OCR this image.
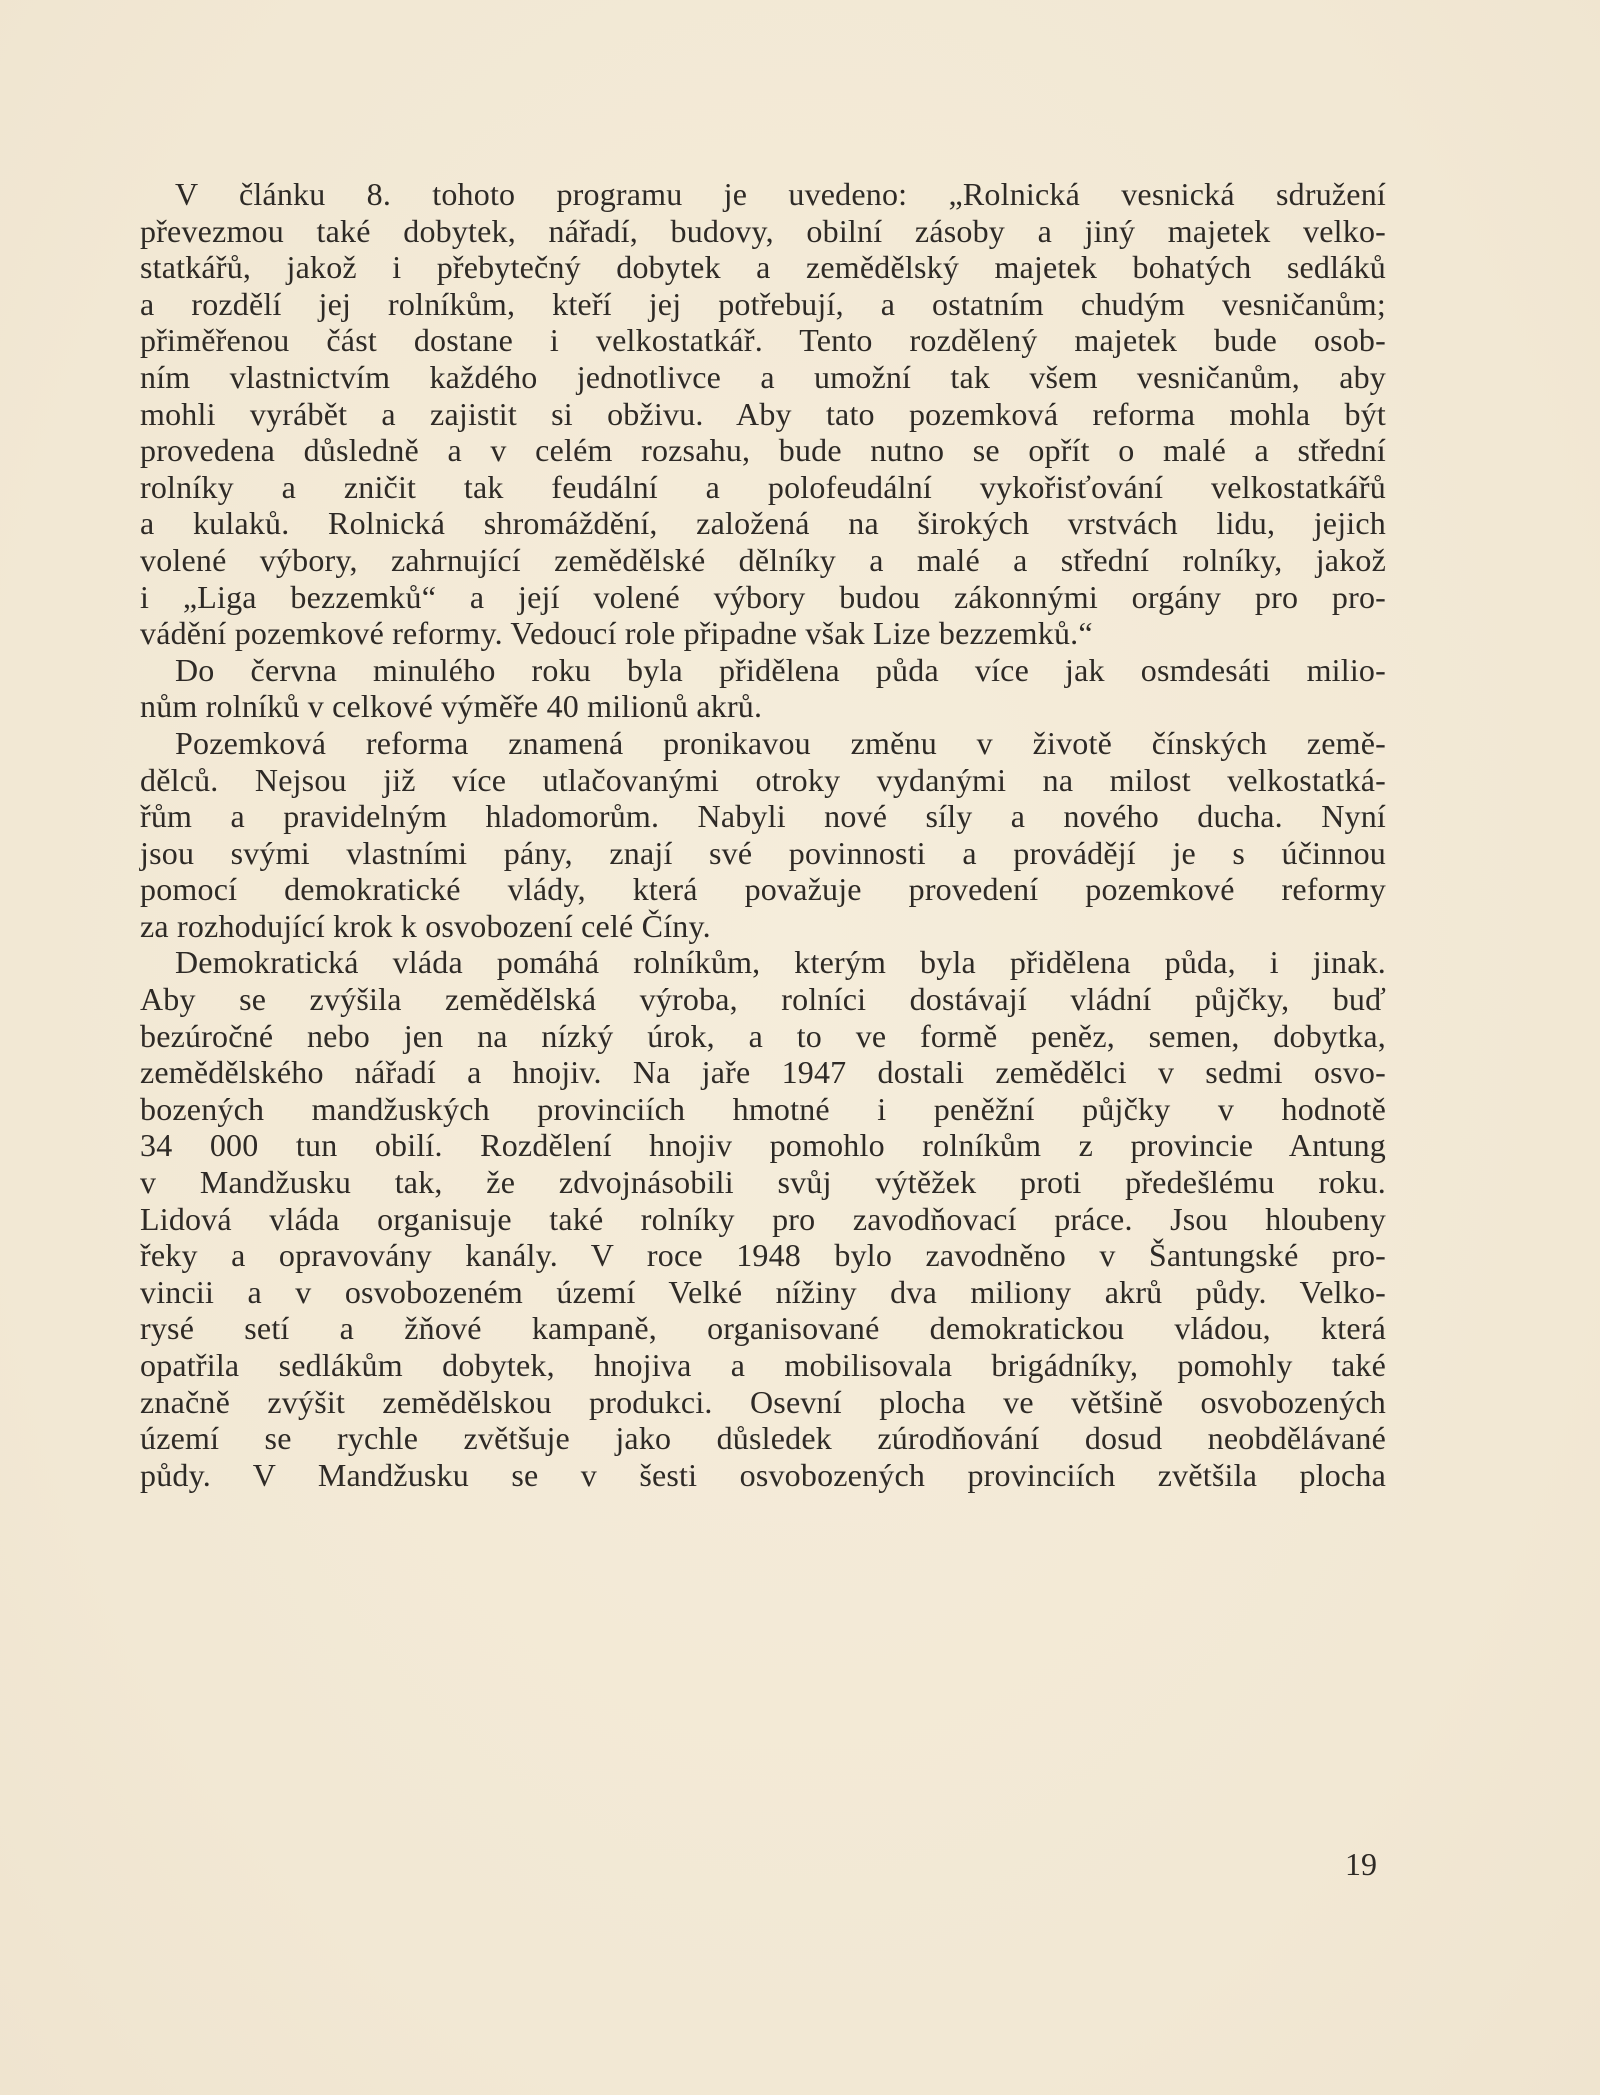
V článku 8. tohoto programu je uvedeno: „Rolnická vesnická sdružení
převezmou také dobytek, nářadí, budovy, obilní zásoby a jiný majetek velko-
statkářů, jakož i přebytečný dobytek a zemědělský majetek bohatých sedláků
a rozdělí jej rolníkům, kteří jej potřebují, a ostatním chudým vesničanům;
přiměřenou část dostane i velkostatkář. Tento rozdělený majetek bude osob-
ním vlastnictvím každého jednotlivce a umožní tak všem vesničanům, aby
mohli vyrábět a zajistit si obživu. Aby tato pozemková reforma mohla být
provedena důsledně a v celém rozsahu, bude nutno se opřít o malé a střední
rolníky a zničit tak feudální a polofeudální vykořisťování velkostatkářů
a kulaků. Rolnická shromáždění, založená na širokých vrstvách lidu, jejich
volené výbory, zahrnující zemědělské dělníky a malé a střední rolníky, jakož
i „Liga bezzemků“ a její volené výbory budou zákonnými orgány pro pro-
vádění pozemkové reformy. Vedoucí role připadne však Lize bezzemků.“
Do června minulého roku byla přidělena půda více jak osmdesáti milio-
nům rolníků v celkové výměře 40 milionů akrů.
Pozemková reforma znamená pronikavou změnu v životě čínských země-
dělců. Nejsou již více utlačovanými otroky vydanými na milost velkostatká-
řům a pravidelným hladomorům. Nabyli nové síly a nového ducha. Nyní
jsou svými vlastními pány, znají své povinnosti a provádějí je s účinnou
pomocí demokratické vlády, která považuje provedení pozemkové reformy
za rozhodující krok k osvobození celé Číny.
Demokratická vláda pomáhá rolníkům, kterým byla přidělena půda, i jinak.
Aby se zvýšila zemědělská výroba, rolníci dostávají vládní půjčky, buď
bezúročné nebo jen na nízký úrok, a to ve formě peněz, semen, dobytka,
zemědělského nářadí a hnojiv. Na jaře 1947 dostali zemědělci v sedmi osvo-
bozených mandžuských provinciích hmotné i peněžní půjčky v hodnotě
34 000 tun obilí. Rozdělení hnojiv pomohlo rolníkům z provincie Antung
v Mandžusku tak, že zdvojnásobili svůj výtěžek proti předešlému roku.
Lidová vláda organisuje také rolníky pro zavodňovací práce. Jsou hloubeny
řeky a opravovány kanály. V roce 1948 bylo zavodněno v Šantungské pro-
vincii a v osvobozeném území Velké nížiny dva miliony akrů půdy. Velko-
rysé setí a žňové kampaně, organisované demokratickou vládou, která
opatřila sedlákům dobytek, hnojiva a mobilisovala brigádníky, pomohly také
značně zvýšit zemědělskou produkci. Osevní plocha ve většině osvobozených
území se rychle zvětšuje jako důsledek zúrodňování dosud neobdělávané
půdy. V Mandžusku se v šesti osvobozených provinciích zvětšila plocha
19
